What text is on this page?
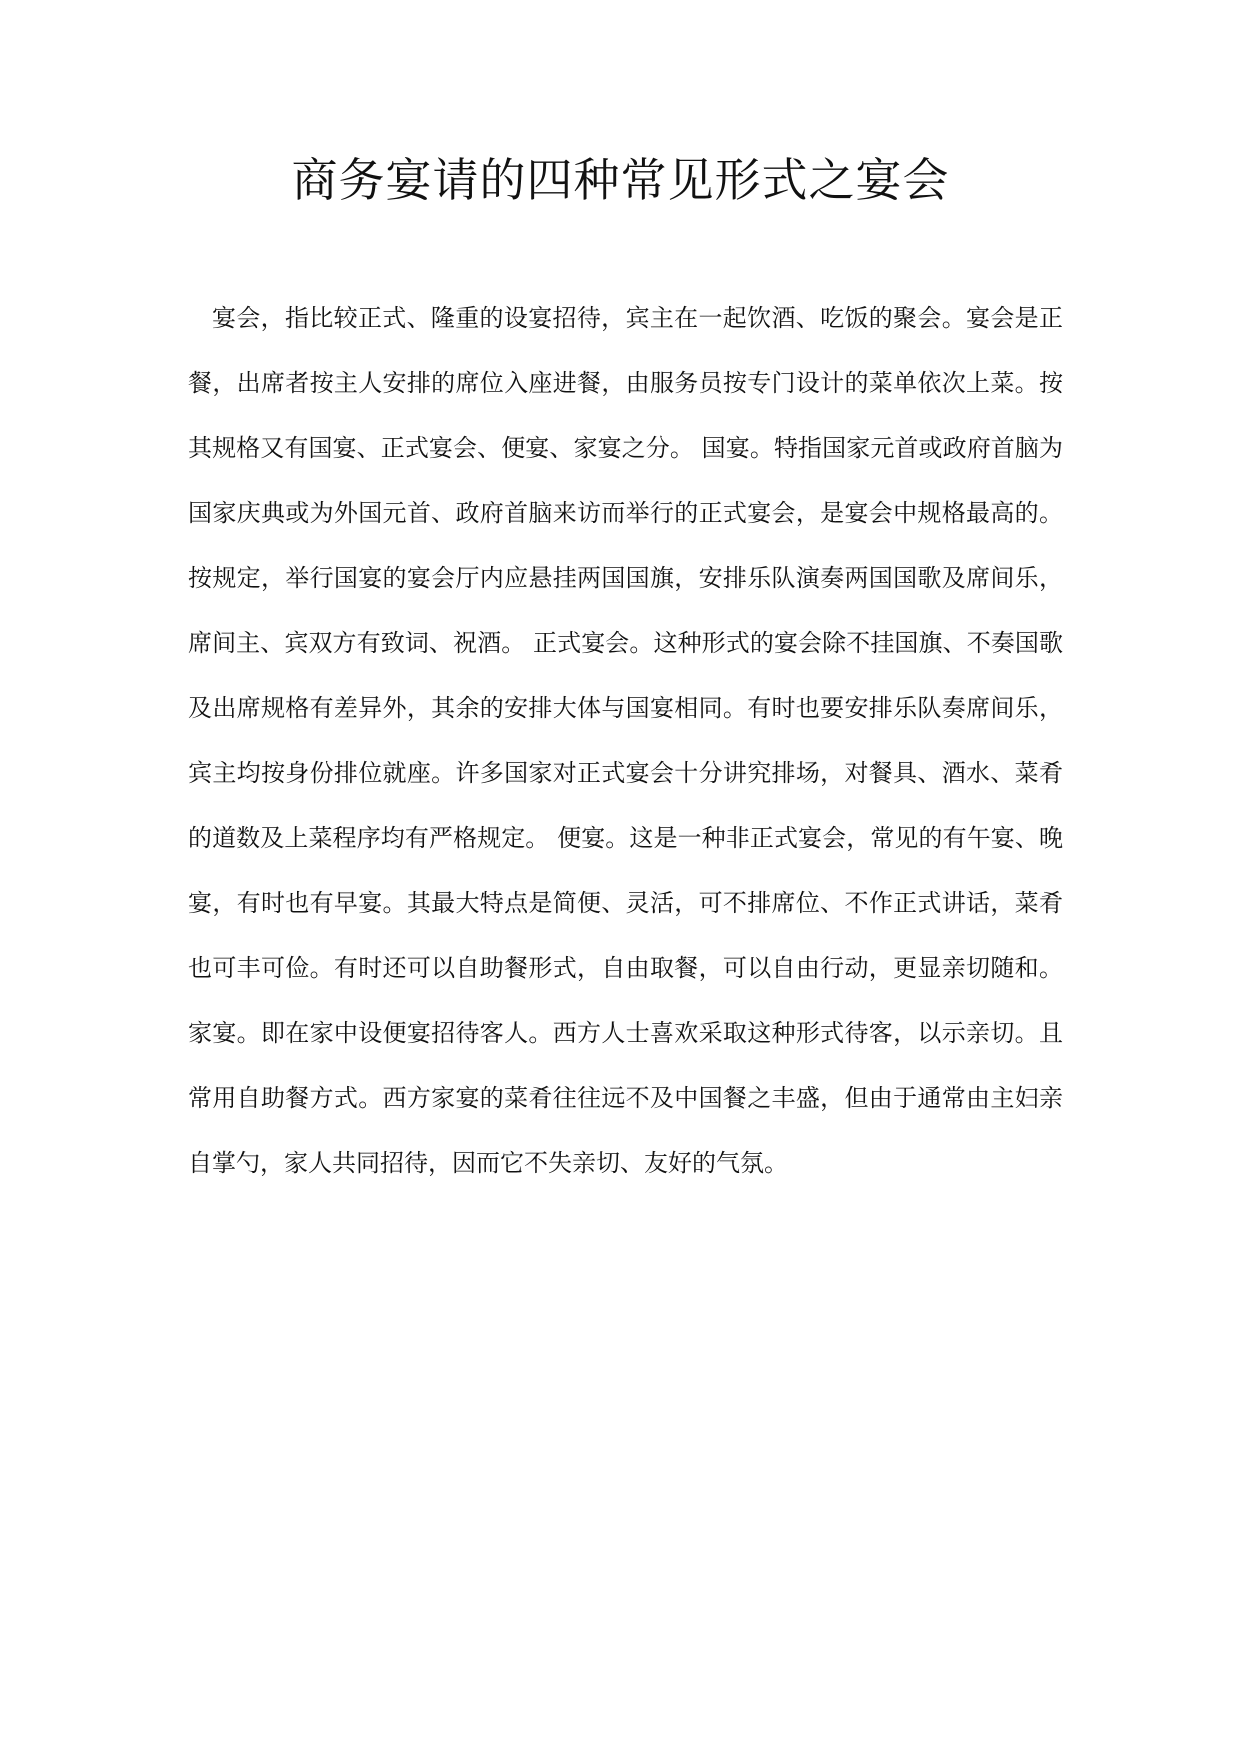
商务宴请的四种常见形式之宴会

宴会，指比较正式、隆重的设宴招待，宾主在一起饮酒、吃饭的聚会。宴会是正餐，出席者按主人安排的席位入座进餐，由服务员按专门设计的菜单依次上菜。按其规格又有国宴、正式宴会、便宴、家宴之分。 国宴。特指国家元首或政府首脑为国家庆典或为外国元首、政府首脑来访而举行的正式宴会，是宴会中规格最高的。按规定，举行国宴的宴会厅内应悬挂两国国旗，安排乐队演奏两国国歌及席间乐，席间主、宾双方有致词、祝酒。 正式宴会。这种形式的宴会除不挂国旗、不奏国歌及出席规格有差异外，其余的安排大体与国宴相同。有时也要安排乐队奏席间乐，宾主均按身份排位就座。许多国家对正式宴会十分讲究排场，对餐具、酒水、菜肴的道数及上菜程序均有严格规定。 便宴。这是一种非正式宴会，常见的有午宴、晚宴，有时也有早宴。其最大特点是简便、灵活，可不排席位、不作正式讲话，菜肴也可丰可俭。有时还可以自助餐形式，自由取餐，可以自由行动，更显亲切随和。 家宴。即在家中设便宴招待客人。西方人士喜欢采取这种形式待客，以示亲切。且常用自助餐方式。西方家宴的菜肴往往远不及中国餐之丰盛，但由于通常由主妇亲自掌勺，家人共同招待，因而它不失亲切、友好的气氛。
